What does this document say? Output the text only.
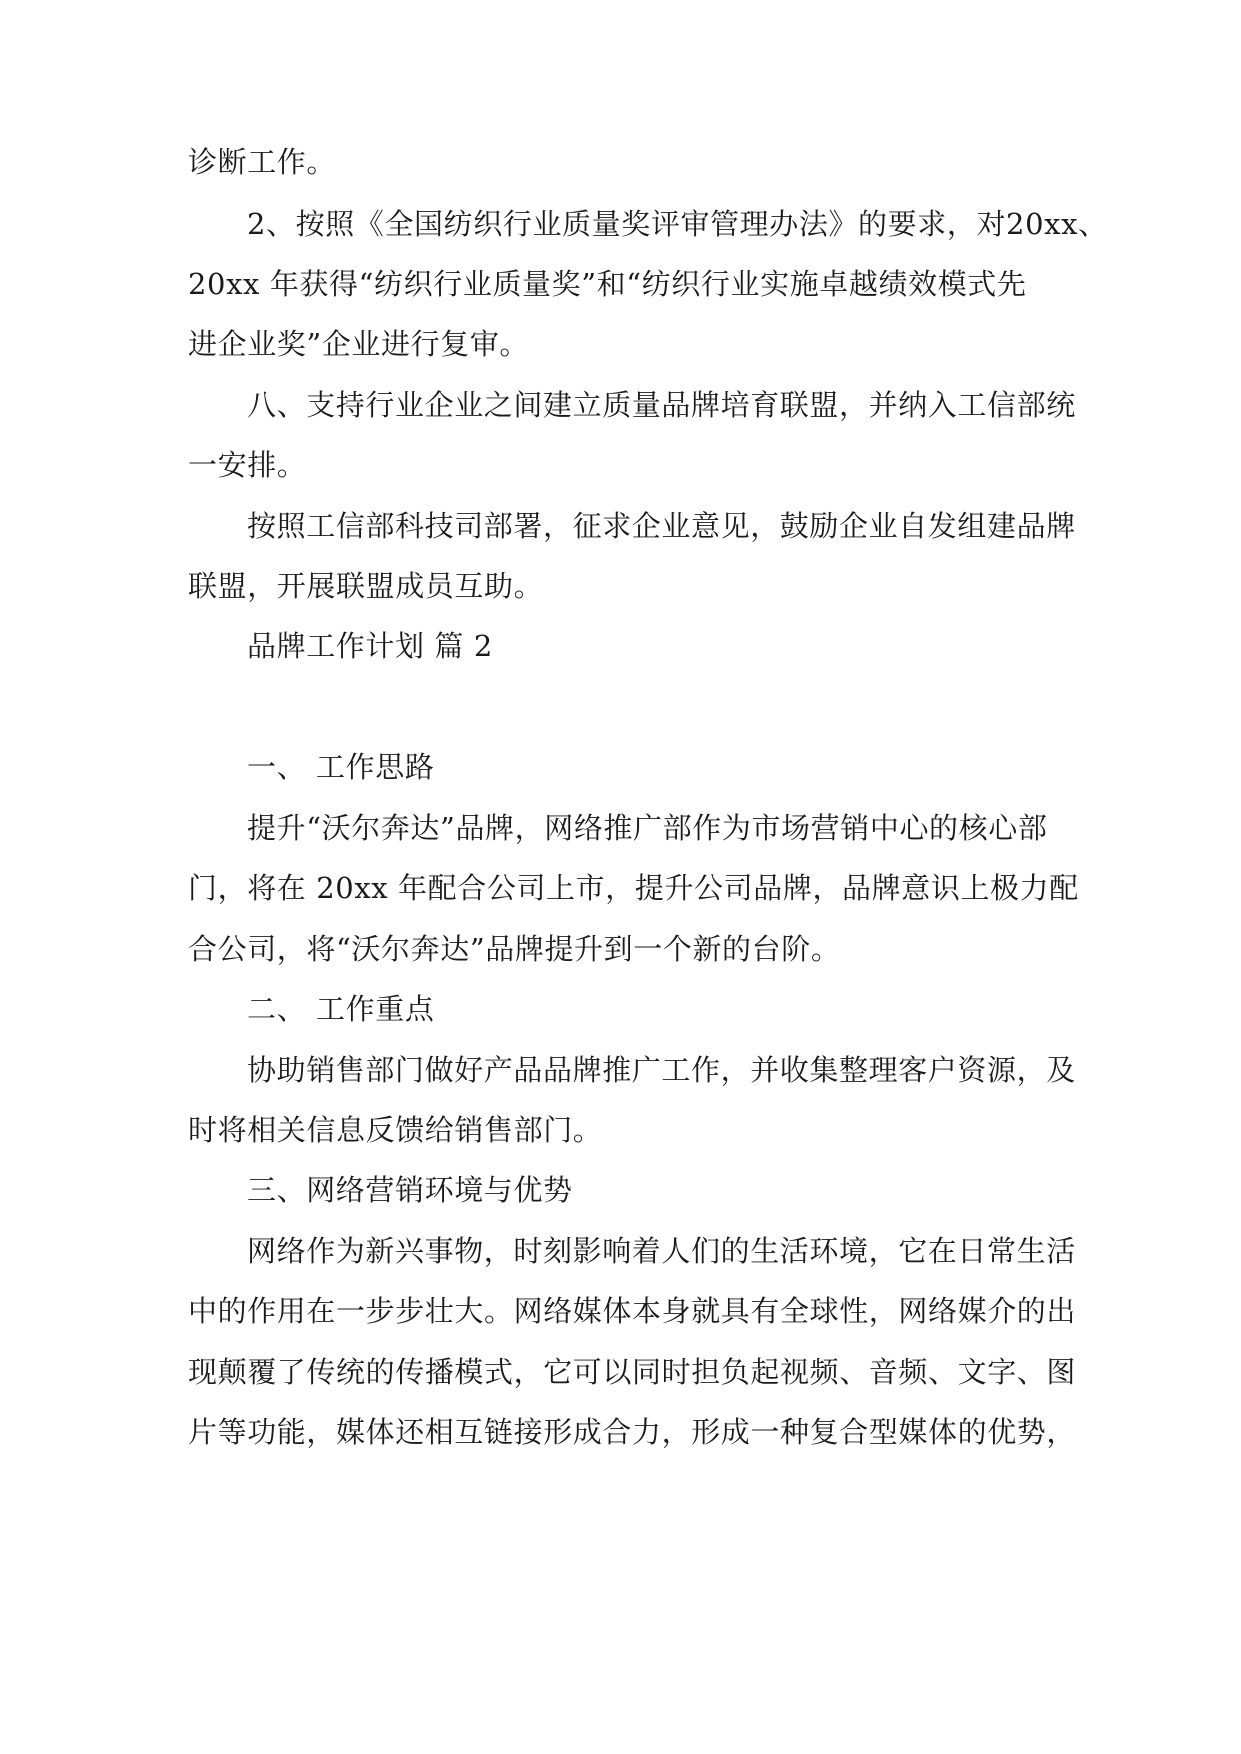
诊断工作。

2、按照《全国纺织行业质量奖评审管理办法》的要求，对20xx、

20xx 年获得“纺织行业质量奖”和“纺织行业实施卓越绩效模式先

进企业奖”企业进行复审。

八、支持行业企业之间建立质量品牌培育联盟，并纳入工信部统

一安排。

按照工信部科技司部署，征求企业意见，鼓励企业自发组建品牌

联盟，开展联盟成员互助。

品牌工作计划 篇 2

一、 工作思路

提升“沃尔奔达”品牌，网络推广部作为市场营销中心的核心部

门，将在 20xx 年配合公司上市，提升公司品牌，品牌意识上极力配

合公司，将“沃尔奔达”品牌提升到一个新的台阶。

二、 工作重点

协助销售部门做好产品品牌推广工作，并收集整理客户资源，及

时将相关信息反馈给销售部门。

三、网络营销环境与优势

网络作为新兴事物，时刻影响着人们的生活环境，它在日常生活

中的作用在一步步壮大。网络媒体本身就具有全球性，网络媒介的出

现颠覆了传统的传播模式，它可以同时担负起视频、音频、文字、图

片等功能，媒体还相互链接形成合力，形成一种复合型媒体的优势，
